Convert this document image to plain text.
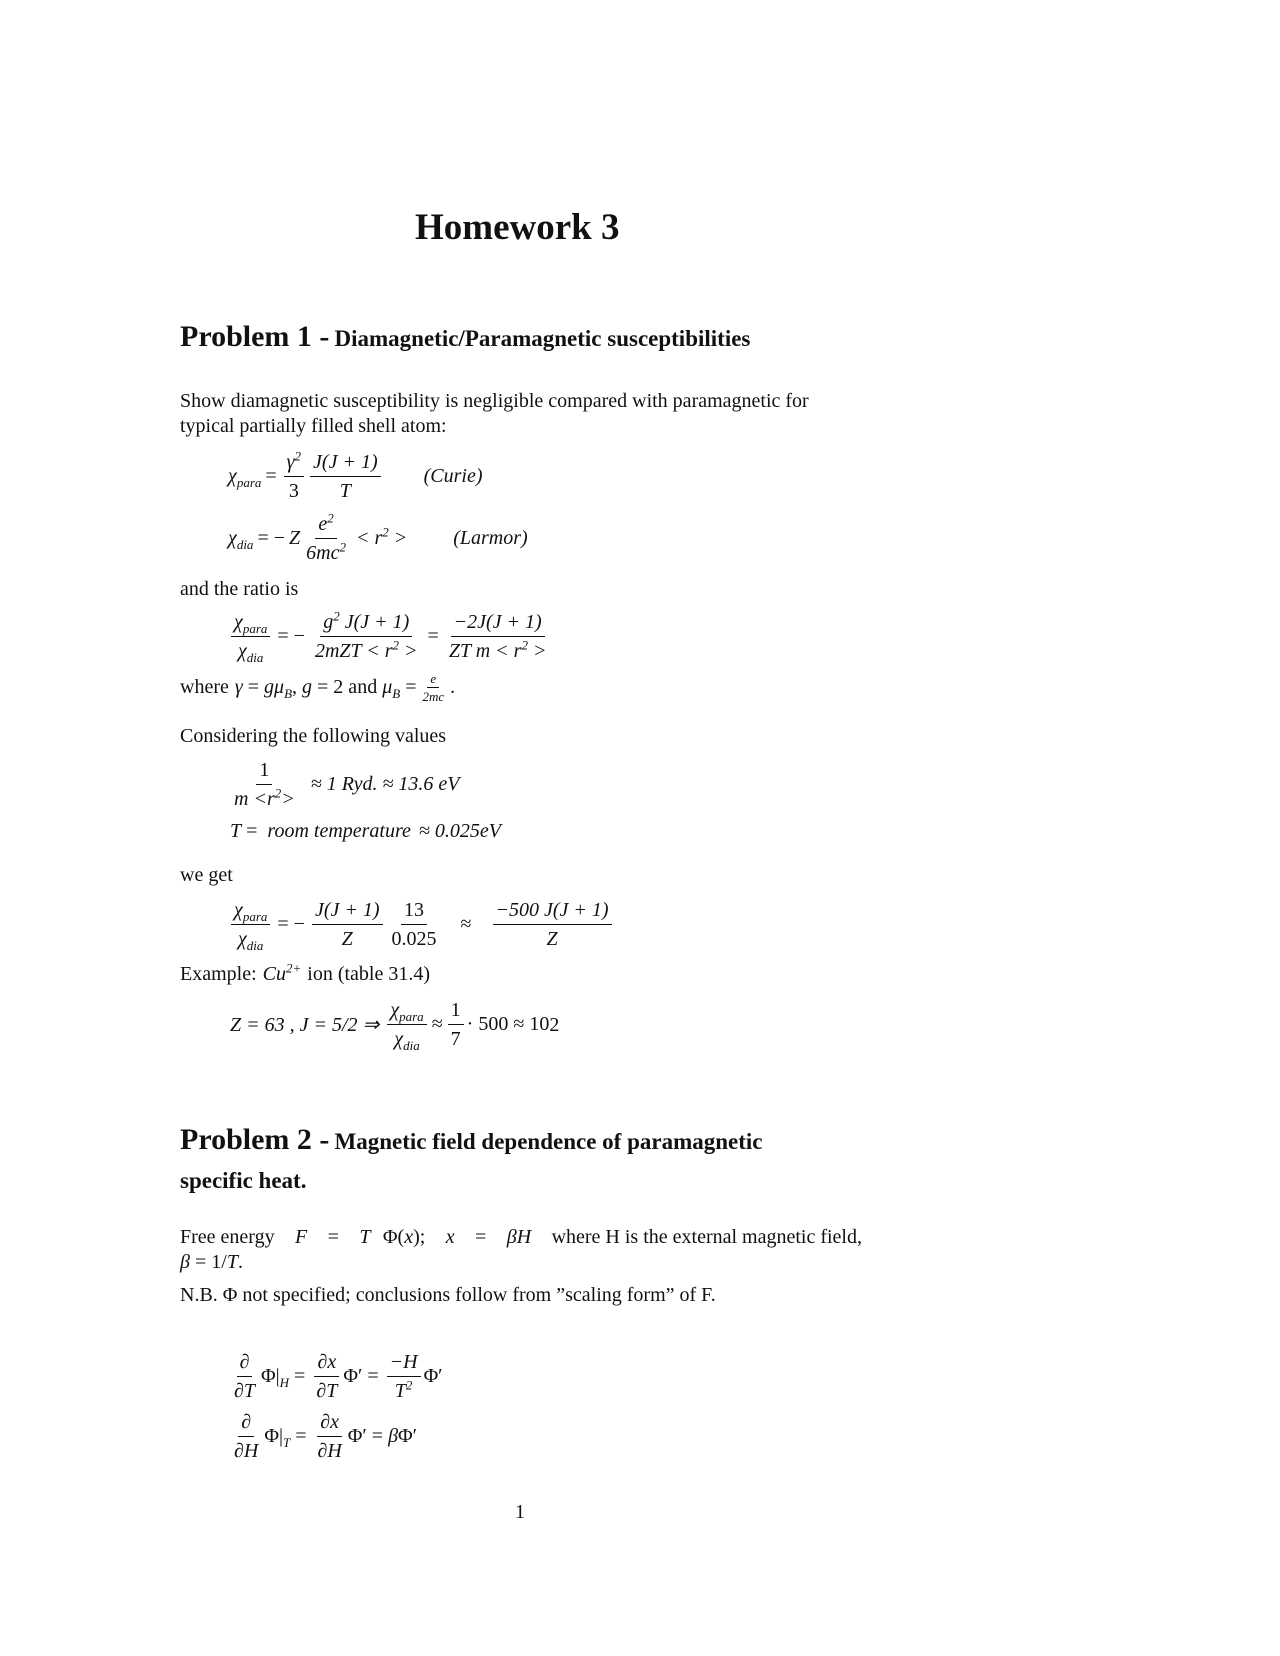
Homework 3
Problem 1 - Diamagnetic/Paramagnetic susceptibilities
Show diamagnetic susceptibility is negligible compared with paramagnetic for
typical partially filled shell atom:
$\chi_{para} = \frac{\gamma^2}{3} \frac{J(J + 1)}{T}$ (Curie)
$\chi_{dia}$ = − Z $\frac{e^2}{6mc^2} < r^2$ > (Larmor)
and the ratio is
$\frac{\chi_{para}}{\chi_{dia}}$ = − $\frac{g^2 J(J + 1)}{2mZT < r^2 >} = \frac{-2J(J + 1)}{ZT m < r^2 >}$
where $\gamma = g\mu_B$ , g = 2 and $\mu_B = \frac{e}{2mc}$ .
Considering the following values
$\frac{1}{m <r^2>} \approx 1$ Ryd. ≈ 13.6 eV
T = room temperature ≈ 0.025eV
we get
$\frac{\chi_{para}}{\chi_{dia}}$ = − $\frac{J(J + 1)}{Z} \frac{13}{0.025} \approx \frac{-500 J(J + 1)}{Z}$
Example: $Cu^{2+}$ ion (table 31.4)
Z = 63 , J = 5/2 ⇒ $\frac{\chi_{para}}{\chi_{dia}} \approx \frac{1}{7} \cdot 500 \approx 10$ 2
Problem 2 - Magnetic field dependence of paramagnetic
specific heat.
Free energy F = T Φ(x); x = βH where H is the external magnetic field,
β = 1/T.
N.B. Φ not specified; conclusions follow from ”scaling form” of F.
$\frac{\partial}{\partial T} \Phi|_H = \frac{\partial x}{\partial T} \Phi' = \frac{-H}{T^2} \Phi'$
$\frac{\partial}{\partial H} \Phi|_T = \frac{\partial x}{\partial H} \Phi' = \beta$ Φ′
1
